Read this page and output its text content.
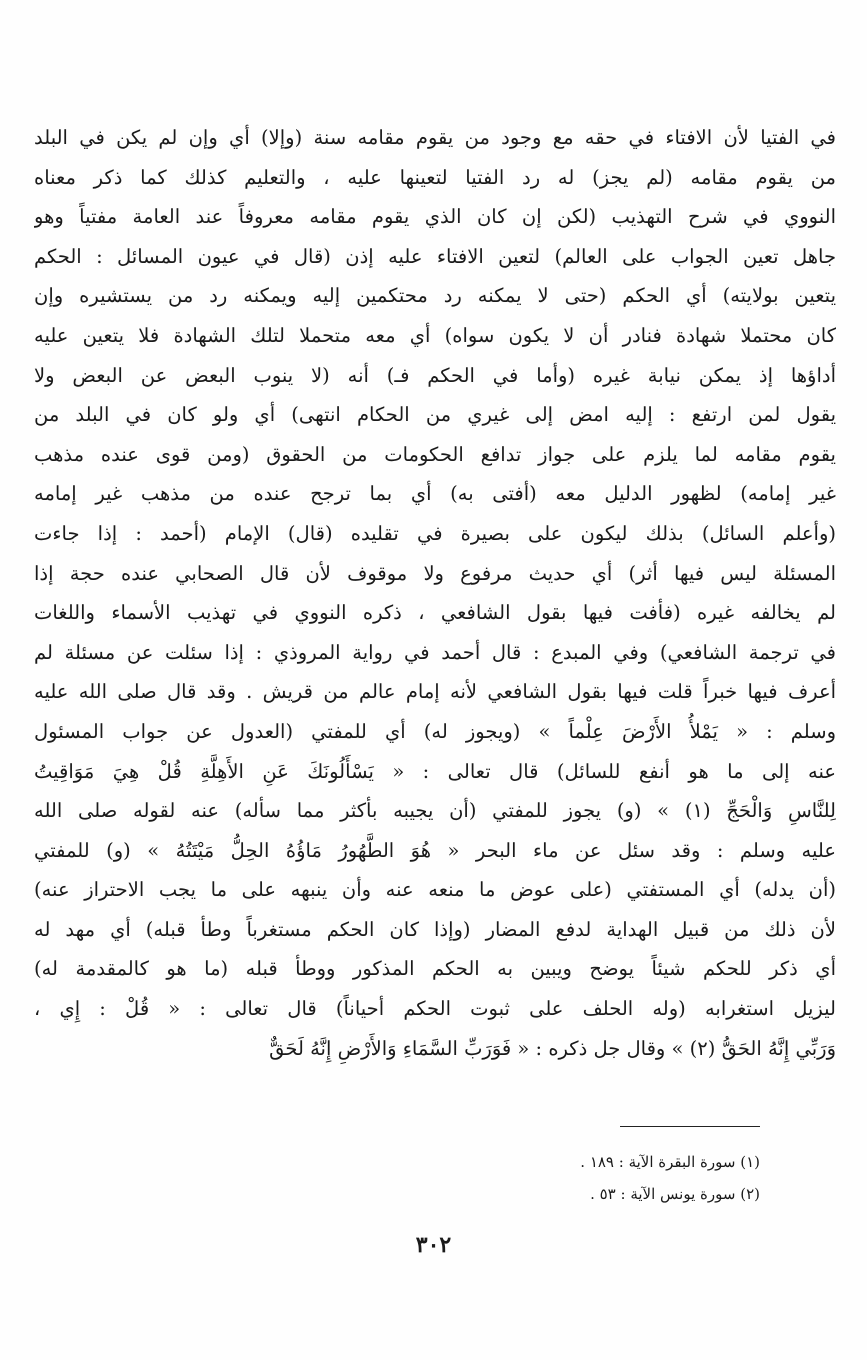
في الفتيا لأن الافتاء في حقه مع وجود من يقوم مقامه سنة (وإلا) أي وإن لم يكن في البلد
من يقوم مقامه (لم يجز) له رد الفتيا لتعينها عليه ، والتعليم كذلك كما ذكر معناه
النووي في شرح التهذيب (لكن إن كان الذي يقوم مقامه معروفاً عند العامة مفتياً وهو
جاهل تعين الجواب على العالم) لتعين الافتاء عليه إذن (قال في عيون المسائل : الحكم
يتعين بولايته) أي الحكم (حتى لا يمكنه رد محتكمين إليه ويمكنه رد من يستشيره وإن
كان محتملا شهادة فنادر أن لا يكون سواه) أي معه متحملا لتلك الشهادة فلا يتعين عليه
أداؤها إذ يمكن نيابة غيره (وأما في الحكم فـ) أنه (لا ينوب البعض عن البعض ولا
يقول لمن ارتفع : إليه امض إلى غيري من الحكام انتهى) أي ولو كان في البلد من
يقوم مقامه لما يلزم على جواز تدافع الحكومات من الحقوق (ومن قوى عنده مذهب
غير إمامه) لظهور الدليل معه (أفتى به) أي بما ترجح عنده من مذهب غير إمامه
(وأعلم السائل) بذلك ليكون على بصيرة في تقليده (قال) الإمام (أحمد : إذا جاءت
المسئلة ليس فيها أثر) أي حديث مرفوع ولا موقوف لأن قال الصحابي عنده حجة إذا
لم يخالفه غيره (فأفت فيها بقول الشافعي ، ذكره النووي في تهذيب الأسماء واللغات
في ترجمة الشافعي) وفي المبدع : قال أحمد في رواية المروذي : إذا سئلت عن مسئلة لم
أعرف فيها خبراً قلت فيها بقول الشافعي لأنه إمام عالم من قريش . وقد قال صلى الله عليه
وسلم : « يَمْلأُ الأَرْضَ عِلْماً » (ويجوز له) أي للمفتي (العدول عن جواب المسئول
عنه إلى ما هو أنفع للسائل) قال تعالى : « يَسْأَلُونَكَ عَنِ الأَهِلَّةِ قُلْ هِيَ مَوَاقِيتُ
لِلنَّاسِ وَالْحَجِّ (١) » (و) يجوز للمفتي (أن يجيبه بأكثر مما سأله) عنه لقوله صلى الله
عليه وسلم : وقد سئل عن ماء البحر « هُوَ الطَّهُورُ مَاؤُهُ الحِلُّ مَيْتَتُهُ » (و) للمفتي
(أن يدله) أي المستفتي (على عوض ما منعه عنه وأن ينبهه على ما يجب الاحتراز عنه)
لأن ذلك من قبيل الهداية لدفع المضار (وإذا كان الحكم مستغرباً وطأ قبله) أي مهد له
أي ذكر للحكم شيئاً يوضح ويبين به الحكم المذكور ووطأ قبله (ما هو كالمقدمة له)
ليزيل استغرابه (وله الحلف على ثبوت الحكم أحياناً) قال تعالى : « قُلْ : إِي ،
وَرَبِّي إِنَّهُ الحَقُّ (٢) » وقال جل ذكره : « فَوَرَبِّ السَّمَاءِ وَالأَرْضِ إِنَّهُ لَحَقٌّ
(١) سورة البقرة الآية : ١٨٩ .
(٢) سورة يونس الآية : ٥٣ .
٣٠٢
